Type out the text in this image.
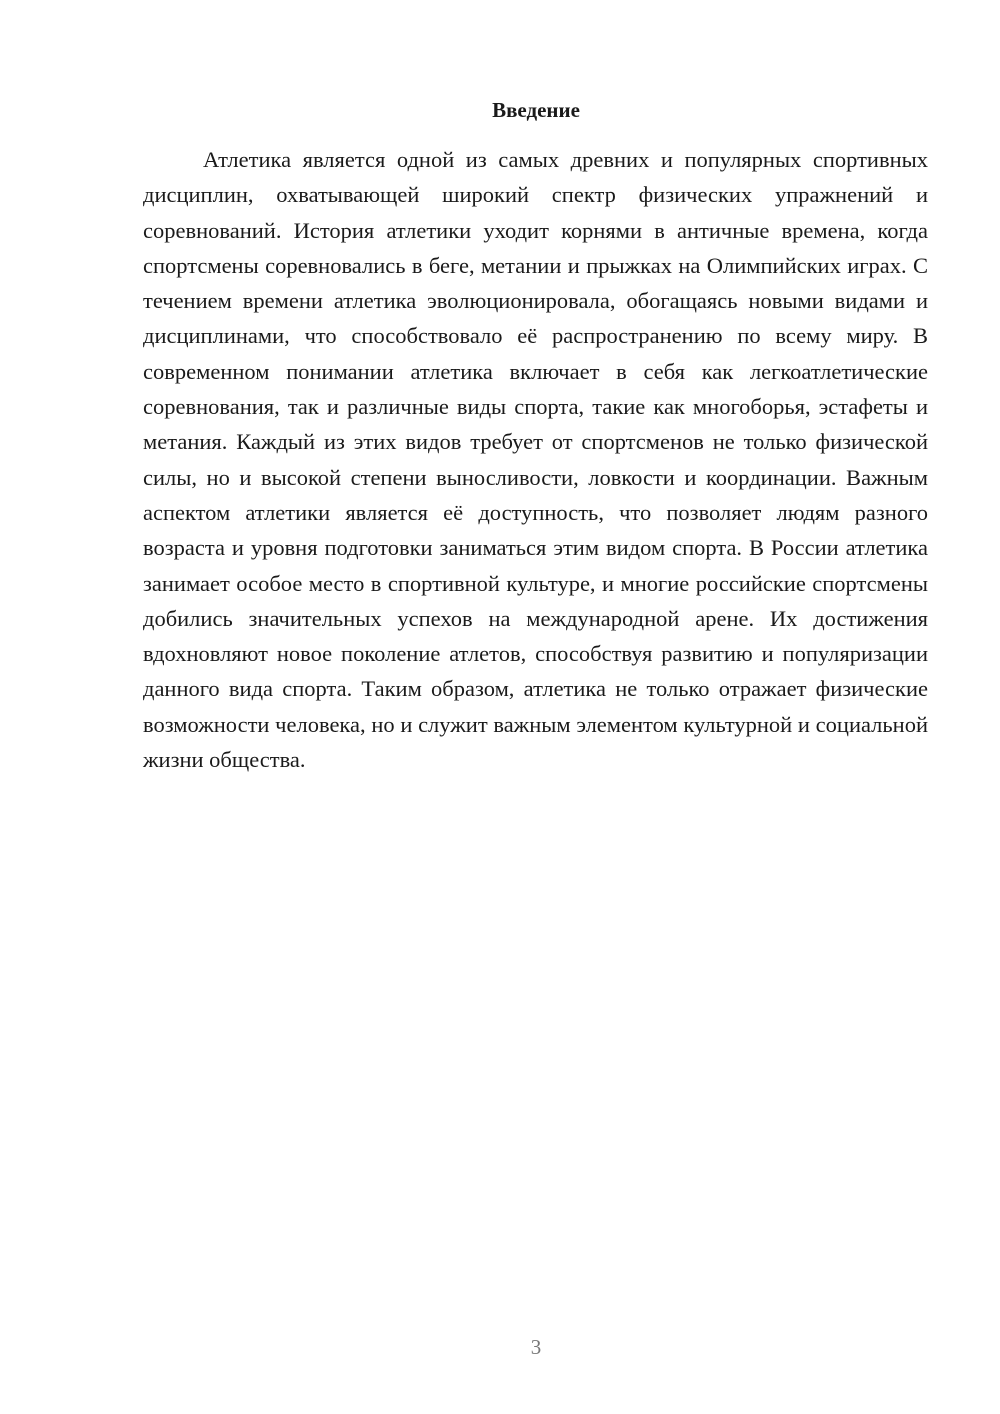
Введение

Атлетика является одной из самых древних и популярных спортивных дисциплин, охватывающей широкий спектр физических упражнений и соревнований. История атлетики уходит корнями в античные времена, когда спортсмены соревновались в беге, метании и прыжках на Олимпийских играх. С течением времени атлетика эволюционировала, обогащаясь новыми видами и дисциплинами, что способствовало её распространению по всему миру. В современном понимании атлетика включает в себя как легкоатлетические соревнования, так и различные виды спорта, такие как многоборья, эстафеты и метания. Каждый из этих видов требует от спортсменов не только физической силы, но и высокой степени выносливости, ловкости и координации. Важным аспектом атлетики является её доступность, что позволяет людям разного возраста и уровня подготовки заниматься этим видом спорта. В России атлетика занимает особое место в спортивной культуре, и многие российские спортсмены добились значительных успехов на международной арене. Их достижения вдохновляют новое поколение атлетов, способствуя развитию и популяризации данного вида спорта. Таким образом, атлетика не только отражает физические возможности человека, но и служит важным элементом культурной и социальной жизни общества.

3
